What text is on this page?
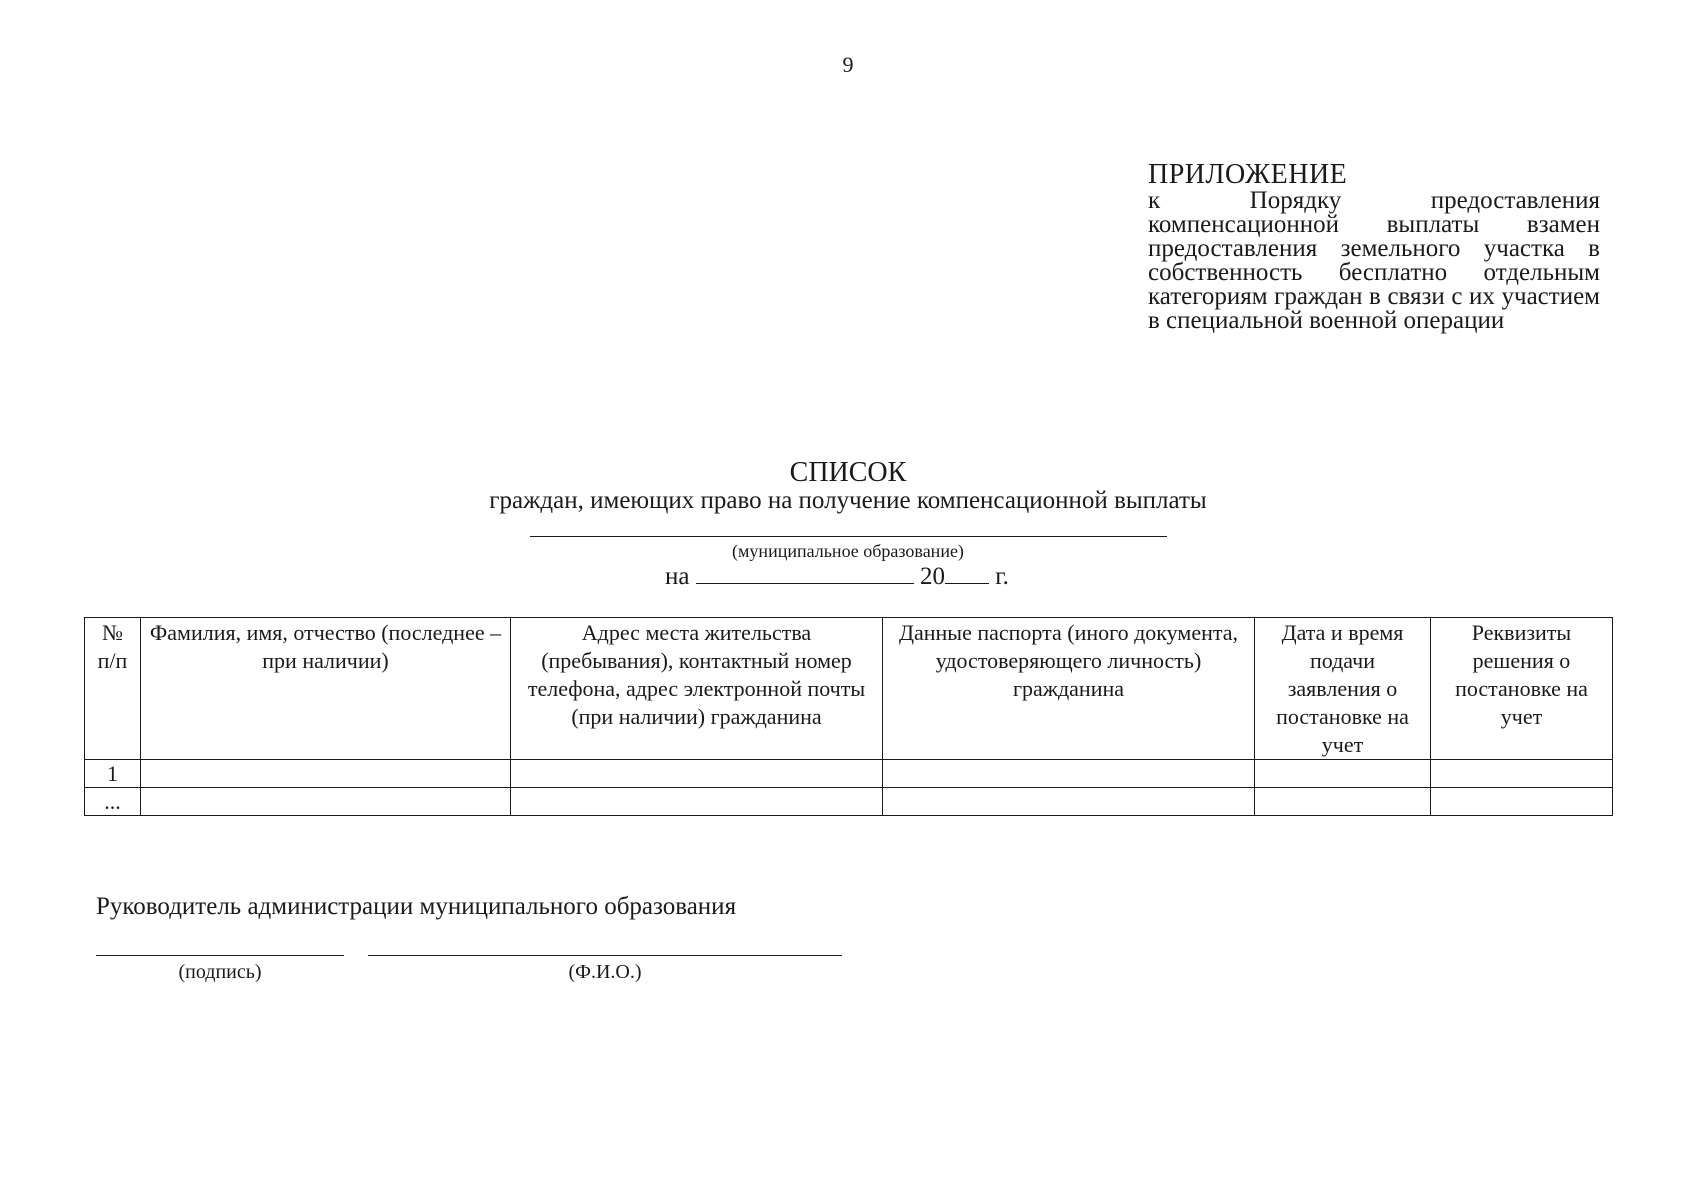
9
ПРИЛОЖЕНИЕ
к Порядку предоставления компенсационной выплаты взамен предоставления земельного участка в собственность бесплатно отдельным категориям граждан в связи с их участием в специальной военной операции
СПИСОК
граждан, имеющих право на получение компенсационной выплаты
(муниципальное образование)
на	20 г.
№ п/п	Фамилия, имя, отчество (последнее – при наличии)	Адрес места жительства (пребывания), контактный номер телефона, адрес электронной почты (при наличии) гражданина	Данные паспорта (иного документа, удостоверяющего личность) гражданина	Дата и время подачи заявления о постановке на учет	Реквизиты решения о постановке на учет
1					
...					
Руководитель администрации муниципального образования
(подпись)	(Ф.И.О.)
